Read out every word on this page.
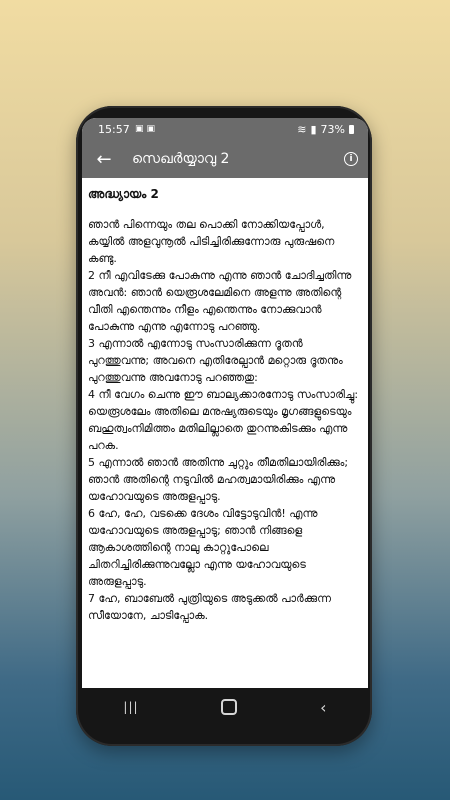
15:57 ▣▣	≋ ▮ 73%
←	സെഖർയ്യാവു 2	i
അദ്ധ്യായം 2

ഞാൻ പിന്നെയും തല പൊക്കി നോക്കിയപ്പോൾ, കയ്യിൽ അളവുനൂൽ പിടിച്ചിരിക്കുന്നോരു പുരുഷനെ കണ്ടു.

2 നീ എവിടേക്കു പോകുന്നു എന്നു ഞാൻ ചോദിച്ചതിന്നു അവൻ: ഞാൻ യെരൂശലേമിനെ അളന്നു അതിന്റെ വീതി എന്തെന്നും നീളം എന്തെന്നും നോക്കുവാൻ പോകുന്നു എന്നു എന്നോടു പറഞ്ഞു.

3 എന്നാൽ എന്നോടു സംസാരിക്കുന്ന ദൂതൻ പുറത്തുവന്നു; അവനെ എതിരേല്പാൻ മറ്റൊരു ദൂതനും പുറത്തുവന്നു അവനോടു പറഞ്ഞതു:

4 നീ വേഗം ചെന്നു ഈ ബാല്യക്കാരനോടു സംസാരിച്ചു: യെരൂശലേം അതിലെ മനുഷ്യരുടെയും മൃഗങ്ങളുടെയും ബഹുത്വംനിമിത്തം മതിലില്ലാതെ തുറന്നുകിടക്കും എന്നു പറക.

5 എന്നാൽ ഞാൻ അതിന്നു ചുറ്റും തീമതിലായിരിക്കും; ഞാൻ അതിന്റെ നടുവിൽ മഹത്വമായിരിക്കും എന്നു യഹോവയുടെ അരുളപ്പാടു.

6 ഹേ, ഹേ, വടക്കെ ദേശം വിട്ടോടുവിൻ! എന്നു യഹോവയുടെ അരുളപ്പാടു; ഞാൻ നിങ്ങളെ ആകാശത്തിന്റെ നാലു കാറ്റുപോലെ ചിതറിച്ചിരിക്കുന്നുവല്ലോ എന്നു യഹോവയുടെ അരുളപ്പാടു.

7 ഹേ, ബാബേൽ പുത്രിയുടെ അടുക്കൽ പാർക്കുന്ന സീയോനേ, ചാടിപ്പോക.

|||	‹
